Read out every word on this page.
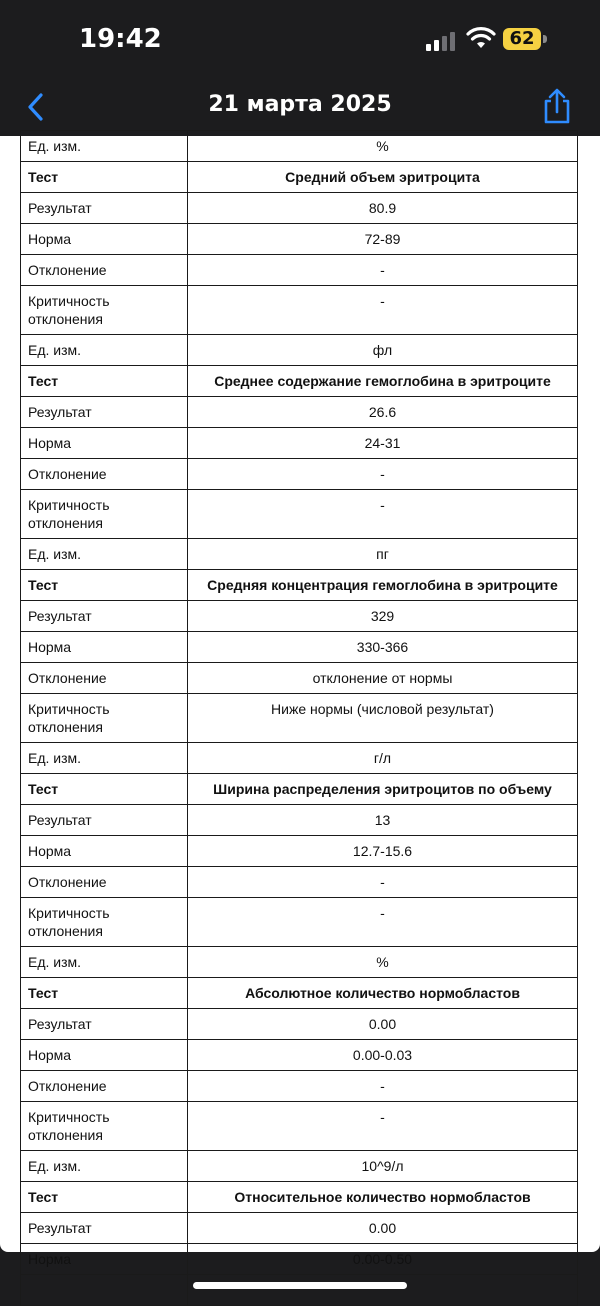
19:42	62
21 марта 2025
Ед. изм.	%
Тест	Средний объем эритроцита
Результат	80.9
Норма	72-89
Отклонение	-
Критичность отклонения	-
Ед. изм.	фл
Тест	Среднее содержание гемоглобина в эритроците
Результат	26.6
Норма	24-31
Отклонение	-
Критичность отклонения	-
Ед. изм.	пг
Тест	Средняя концентрация гемоглобина в эритроците
Результат	329
Норма	330-366
Отклонение	отклонение от нормы
Критичность отклонения	Ниже нормы (числовой результат)
Ед. изм.	г/л
Тест	Ширина распределения эритроцитов по объему
Результат	13
Норма	12.7-15.6
Отклонение	-
Критичность отклонения	-
Ед. изм.	%
Тест	Абсолютное количество нормобластов
Результат	0.00
Норма	0.00-0.03
Отклонение	-
Критичность отклонения	-
Ед. изм.	10^9/л
Тест	Относительное количество нормобластов
Результат	0.00
Норма	0.00-0.50
